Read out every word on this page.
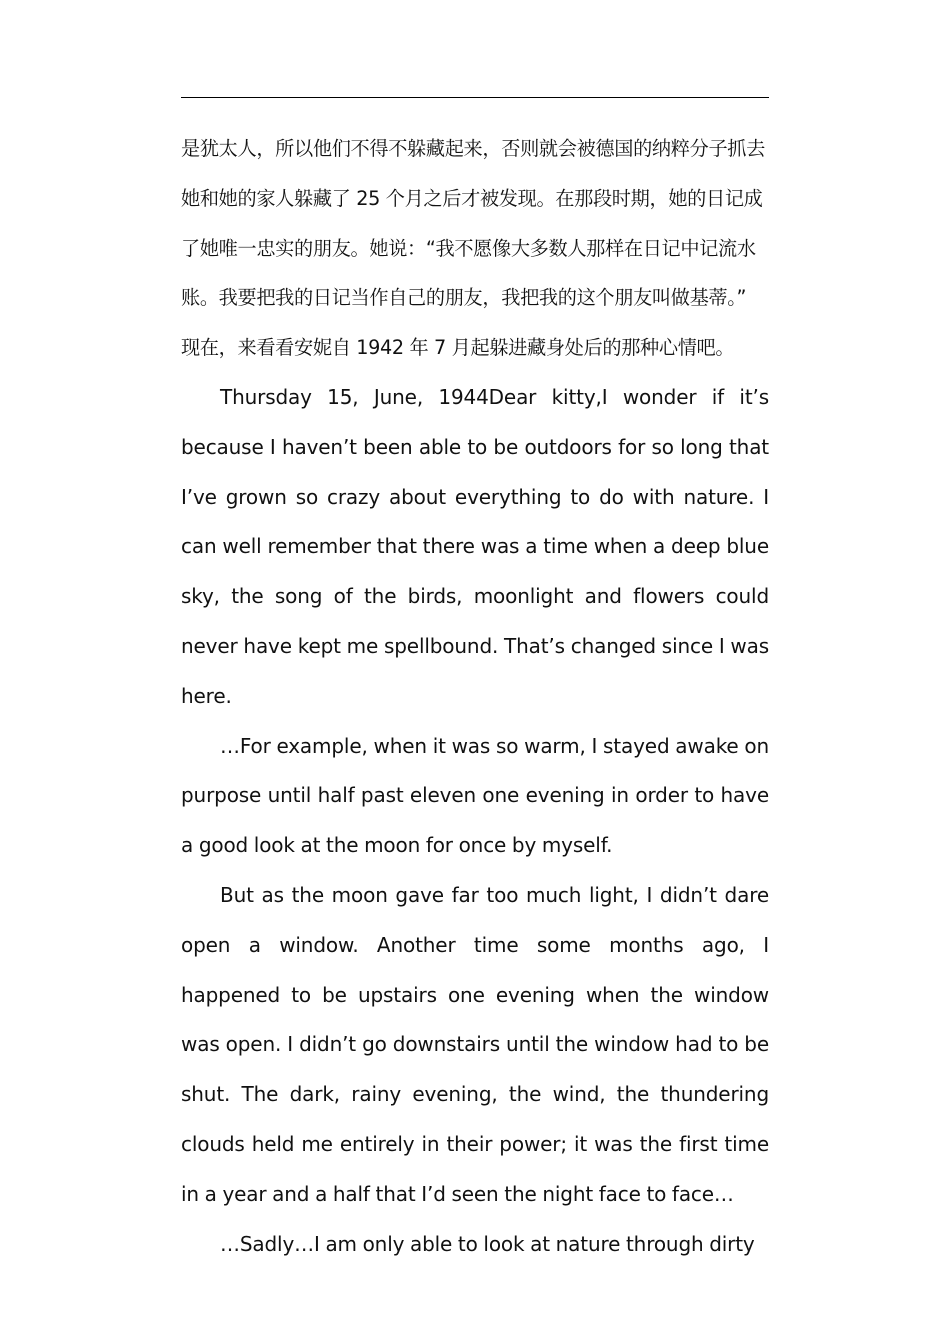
是犹太人，所以他们不得不躲藏起来，否则就会被德国的纳粹分子抓去
她和她的家人躲藏了 25 个月之后才被发现。在那段时期，她的日记成
了她唯一忠实的朋友。她说：“我不愿像大多数人那样在日记中记流水
账。我要把我的日记当作自己的朋友，我把我的这个朋友叫做基蒂。”
现在，来看看安妮自 1942 年 7 月起躲进藏身处后的那种心情吧。

Thursday 15, June, 1944Dear kitty,I wonder if it’s because I haven’t been able to be outdoors for so long that I’ve grown so crazy about everything to do with nature. I can well remember that there was a time when a deep blue sky, the song of the birds, moonlight and flowers could never have kept me spellbound. That’s changed since I was here.

…For example, when it was so warm, I stayed awake on purpose until half past eleven one evening in order to have a good look at the moon for once by myself.

But as the moon gave far too much light, I didn’t dare open a window. Another time some months ago, I happened to be upstairs one evening when the window was open. I didn’t go downstairs until the window had to be shut. The dark, rainy evening, the wind, the thundering clouds held me entirely in their power; it was the first time in a year and a half that I’d seen the night face to face…

…Sadly…I am only able to look at nature through dirty
